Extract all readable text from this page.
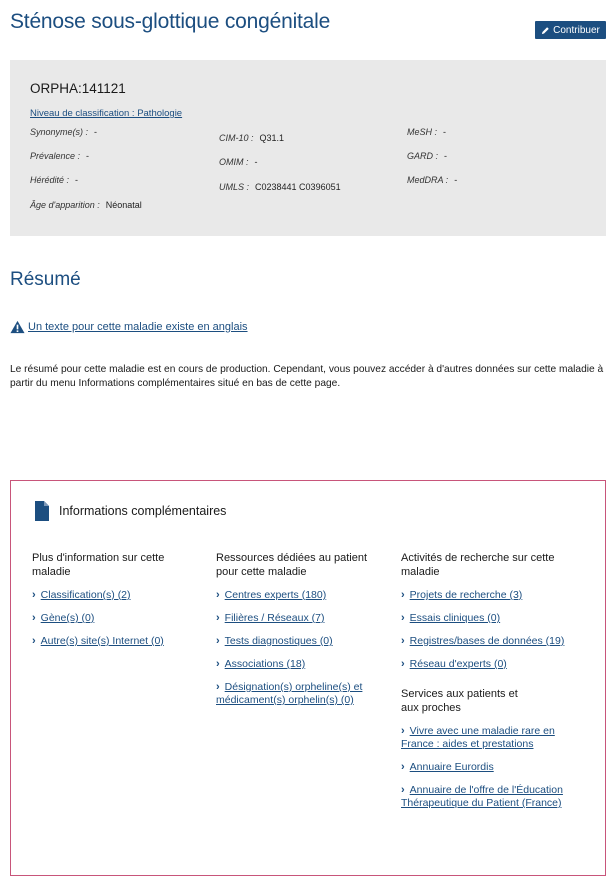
Sténose sous-glottique congénitale	Contribuer
ORPHA:141121
Niveau de classification : Pathologie
Synonyme(s) : -
Prévalence : -
Hérédité : -
Âge d'apparition : Néonatal
CIM-10 : Q31.1
OMIM : -
UMLS : C0238441 C0396051
MeSH : -
GARD : -
MedDRA : -
Résumé
Un texte pour cette maladie existe en anglais

Le résumé pour cette maladie est en cours de production. Cependant, vous pouvez accéder à d'autres données sur cette maladie à partir du menu Informations complémentaires situé en bas de cette page.

Informations complémentaires
Plus d'information sur cette maladie
› Classification(s) (2)
› Gène(s) (0)
› Autre(s) site(s) Internet (0)
Ressources dédiées au patient pour cette maladie
› Centres experts (180)
› Filières / Réseaux (7)
› Tests diagnostiques (0)
› Associations (18)
› Désignation(s) orpheline(s) et médicament(s) orphelin(s) (0)
Activités de recherche sur cette maladie
› Projets de recherche (3)
› Essais cliniques (0)
› Registres/bases de données (19)
› Réseau d'experts (0)
Services aux patients et aux proches
› Vivre avec une maladie rare en France : aides et prestations
› Annuaire Eurordis
› Annuaire de l'offre de l'Éducation Thérapeutique du Patient (France)
